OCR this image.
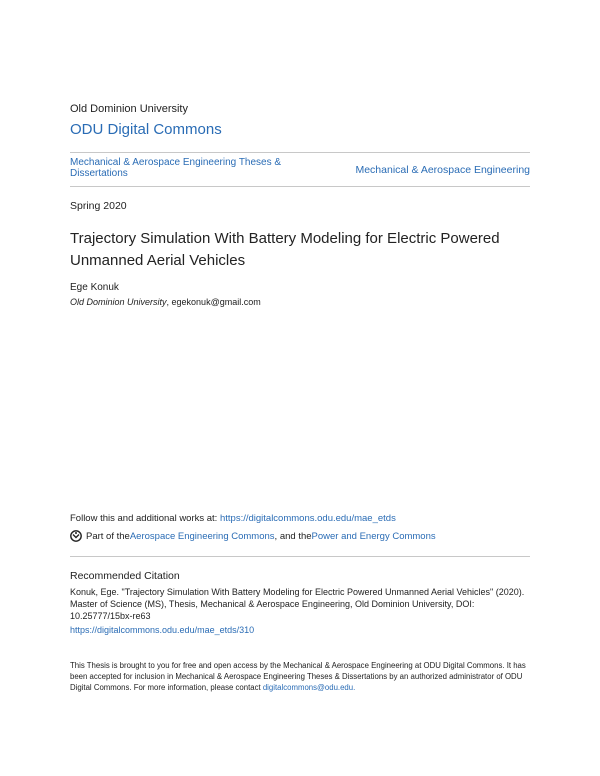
Old Dominion University
ODU Digital Commons
Mechanical & Aerospace Engineering Theses & Dissertations	Mechanical & Aerospace Engineering
Spring 2020
Trajectory Simulation With Battery Modeling for Electric Powered Unmanned Aerial Vehicles
Ege Konuk
Old Dominion University, egekonuk@gmail.com
Follow this and additional works at: https://digitalcommons.odu.edu/mae_etds
Part of the Aerospace Engineering Commons , and the Power and Energy Commons
Recommended Citation
Konuk, Ege. "Trajectory Simulation With Battery Modeling for Electric Powered Unmanned Aerial Vehicles" (2020). Master of Science (MS), Thesis, Mechanical & Aerospace Engineering, Old Dominion University, DOI: 10.25777/15bx-re63
https://digitalcommons.odu.edu/mae_etds/310
This Thesis is brought to you for free and open access by the Mechanical & Aerospace Engineering at ODU Digital Commons. It has been accepted for inclusion in Mechanical & Aerospace Engineering Theses & Dissertations by an authorized administrator of ODU Digital Commons. For more information, please contact digitalcommons@odu.edu.
